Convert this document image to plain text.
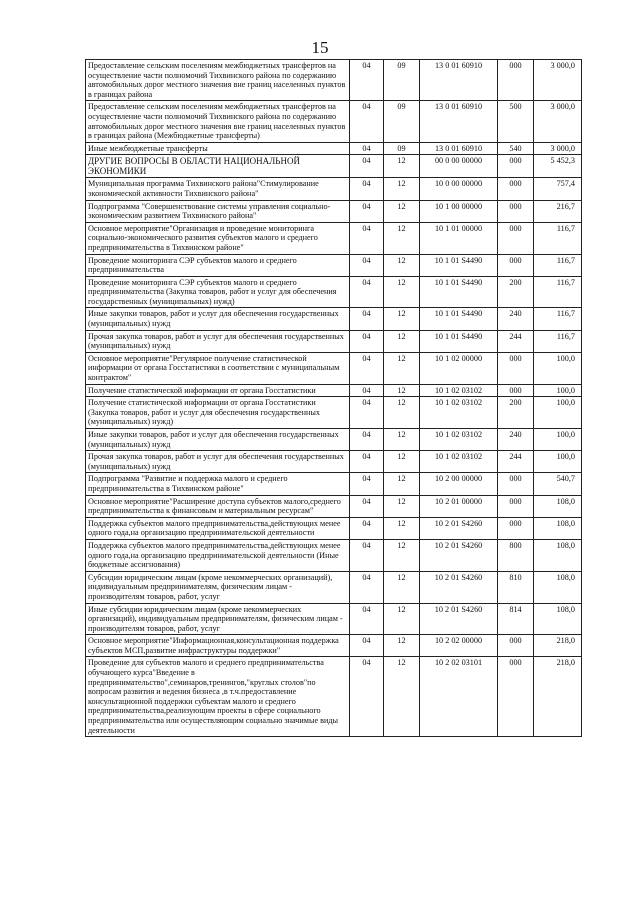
15
Предоставление сельским поселениям межбюджетных трансфертов на осуществление части полномочий Тихвинского района по содержанию автомобильных дорог местного значения вне границ населенных пунктов в границах района	04	09	13 0 01 60910	000	3 000,0
Предоставление сельским поселениям межбюджетных трансфертов на осуществление части полномочий Тихвинского района по содержанию автомобильных дорог местного значения вне границ населенных пунктов в границах района (Межбюджетные трансферты)	04	09	13 0 01 60910	500	3 000,0
Иные межбюджетные трансферты	04	09	13 0 01 60910	540	3 000,0
ДРУГИЕ ВОПРОСЫ В ОБЛАСТИ НАЦИОНАЛЬНОЙ ЭКОНОМИКИ	04	12	00 0 00 00000	000	5 452,3
Муниципальная программа Тихвинского района"Стимулирование экономической активности Тихвинского района"	04	12	10 0 00 00000	000	757,4
Подпрограмма "Совершенствование системы управления социально-экономическим развитием Тихвинского района"	04	12	10 1 00 00000	000	216,7
Основное мероприятие"Организация и проведение мониторинга социально-экономического развития субъектов малого и среднего предпринимательства в Тихвинском районе"	04	12	10 1 01 00000	000	116,7
Проведение мониторинга СЭР субъектов малого и среднего предпринимательства	04	12	10 1 01 S4490	000	116,7
Проведение мониторинга СЭР субъектов малого и среднего предпринимательства (Закупка товаров, работ и услуг для обеспечения государственных (муниципальных) нужд)	04	12	10 1 01 S4490	200	116,7
Иные закупки товаров, работ и услуг для обеспечения государственных (муниципальных) нужд	04	12	10 1 01 S4490	240	116,7
Прочая закупка товаров, работ и услуг для обеспечения государственных (муниципальных) нужд	04	12	10 1 01 S4490	244	116,7
Основное мероприятие"Регулярное получение статистической информации от органа Госстатистики в соответствии с муниципальным контрактом"	04	12	10 1 02 00000	000	100,0
Получение статистической информации от органа Госстатистики	04	12	10 1 02 03102	000	100,0
Получение статистической информации от органа Госстатистики (Закупка товаров, работ и услуг для обеспечения государственных (муниципальных) нужд)	04	12	10 1 02 03102	200	100,0
Иные закупки товаров, работ и услуг для обеспечения государственных (муниципальных) нужд	04	12	10 1 02 03102	240	100,0
Прочая закупка товаров, работ и услуг для обеспечения государственных (муниципальных) нужд	04	12	10 1 02 03102	244	100,0
Подпрограмма "Развитие и поддержка малого и среднего предпринимательства в Тихвинском районе"	04	12	10 2 00 00000	000	540,7
Основное мероприятие"Расширение доступа субъектов малого,среднего предпринимательства к финансовым и материальным ресурсам"	04	12	10 2 01 00000	000	108,0
Поддержка субъектов малого предпринимательства,действующих менее одного года,на организацию предпринимательской деятельности	04	12	10 2 01 S4260	000	108,0
Поддержка субъектов малого предпринимательства,действующих менее одного года,на организацию предпринимательской деятельности (Иные бюджетные ассигнования)	04	12	10 2 01 S4260	800	108,0
Субсидии юридическим лицам (кроме некоммерческих организаций), индивидуальным предпринимателям, физическим лицам - производителям товаров, работ, услуг	04	12	10 2 01 S4260	810	108,0
Иные субсидии юридическим лицам (кроме некоммерческих организаций), индивидуальным предпринимателям, физическим лицам - производителям товаров, работ, услуг	04	12	10 2 01 S4260	814	108,0
Основное мероприятие"Информационная,консультационная поддержка субъектов МСП,развитие инфраструктуры поддержки"	04	12	10 2 02 00000	000	218,0
Проведение для субъектов малого и среднего предпринимательства обучающего курса"Введение в предпринимательство",семинаров,тренингов,"круглых столов"по вопросам развития и ведения бизнеса ,в т.ч.предоставление консультационной поддержки субъектам малого и среднего предпринимательства,реализующим проекты в сфере социального предпринимательства или осуществляющим социально значимые виды деятельности	04	12	10 2 02 03101	000	218,0
